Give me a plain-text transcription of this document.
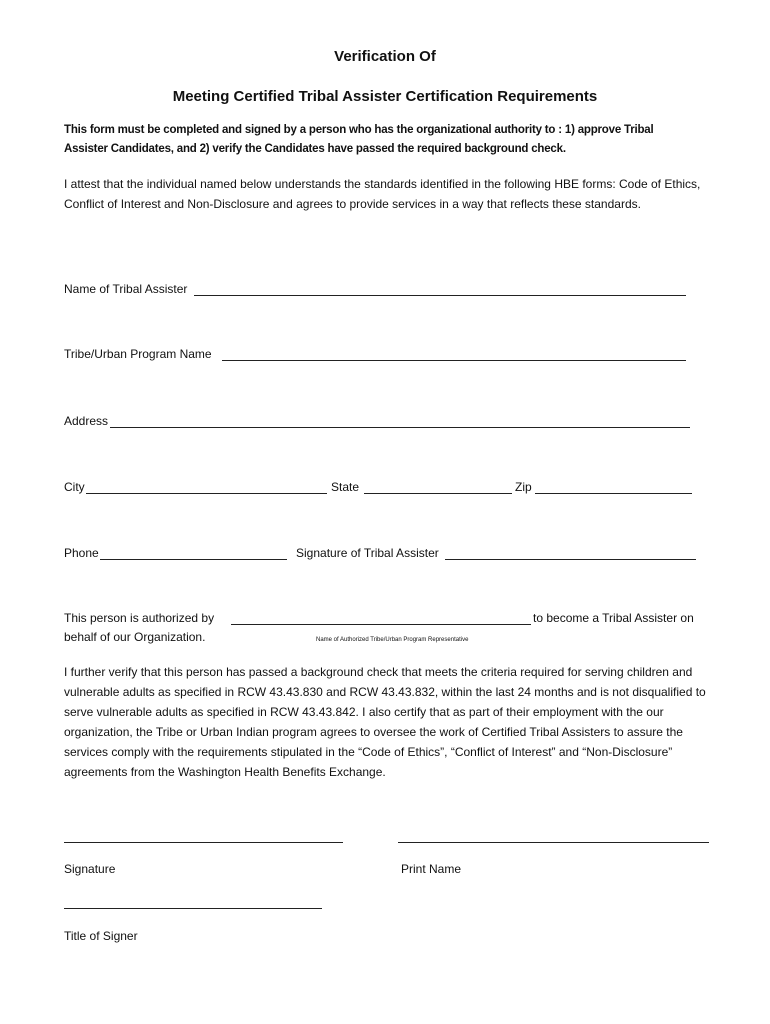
Verification Of
Meeting Certified Tribal Assister Certification Requirements
This form must be completed and signed by a person who has the organizational authority to : 1) approve Tribal
Assister Candidates, and 2) verify the Candidates have passed the required background check.
I attest that the individual named below understands the standards identified in the following HBE forms: Code of Ethics, Conflict of Interest and Non-Disclosure and agrees to provide services in a way that reflects these standards.
Name of Tribal Assister
Tribe/Urban Program Name
Address
City	State	Zip
Phone	Signature of Tribal Assister
This person is authorized by	to become a Tribal Assister on
behalf of our Organization.	Name of Authorized Tribe/Urban Program Representative
I further verify that this person has passed a background check that meets the criteria required for serving children and vulnerable adults as specified in RCW 43.43.830 and RCW 43.43.832, within the last 24 months and is not disqualified to serve vulnerable adults as specified in RCW 43.43.842. I also certify that as part of their employment with the our organization, the Tribe or Urban Indian program agrees to oversee the work of Certified Tribal Assisters to assure the services comply with the requirements stipulated in the “Code of Ethics”, “Conflict of Interest” and “Non-Disclosure” agreements from the Washington Health Benefits Exchange.
Signature	Print Name
Title of Signer
